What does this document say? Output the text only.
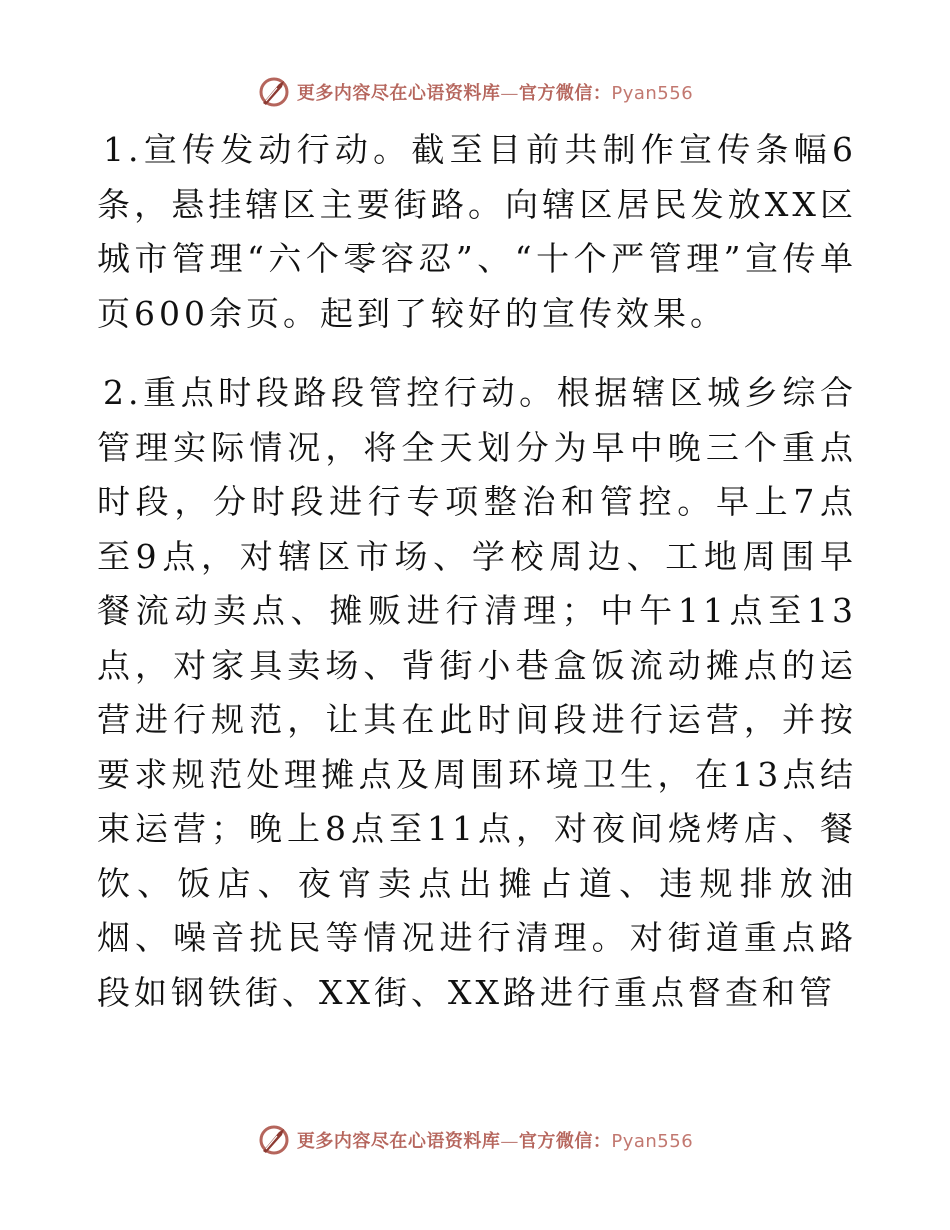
更多内容尽在心语资料库—官方微信：Pyan556

1.宣传发动行动。截至目前共制作宣传条幅6条，悬挂辖区主要街路。向辖区居民发放XX区城市管理“六个零容忍”、“十个严管理”宣传单页600余页。起到了较好的宣传效果。

2.重点时段路段管控行动。根据辖区城乡综合管理实际情况，将全天划分为早中晚三个重点时段，分时段进行专项整治和管控。早上7点至9点，对辖区市场、学校周边、工地周围早餐流动卖点、摊贩进行清理；中午11点至13点，对家具卖场、背街小巷盒饭流动摊点的运营进行规范，让其在此时间段进行运营，并按要求规范处理摊点及周围环境卫生，在13点结束运营；晚上8点至11点，对夜间烧烤店、餐饮、饭店、夜宵卖点出摊占道、违规排放油烟、噪音扰民等情况进行清理。对街道重点路段如钢铁街、XX街、XX路进行重点督查和管

更多内容尽在心语资料库—官方微信：Pyan556
